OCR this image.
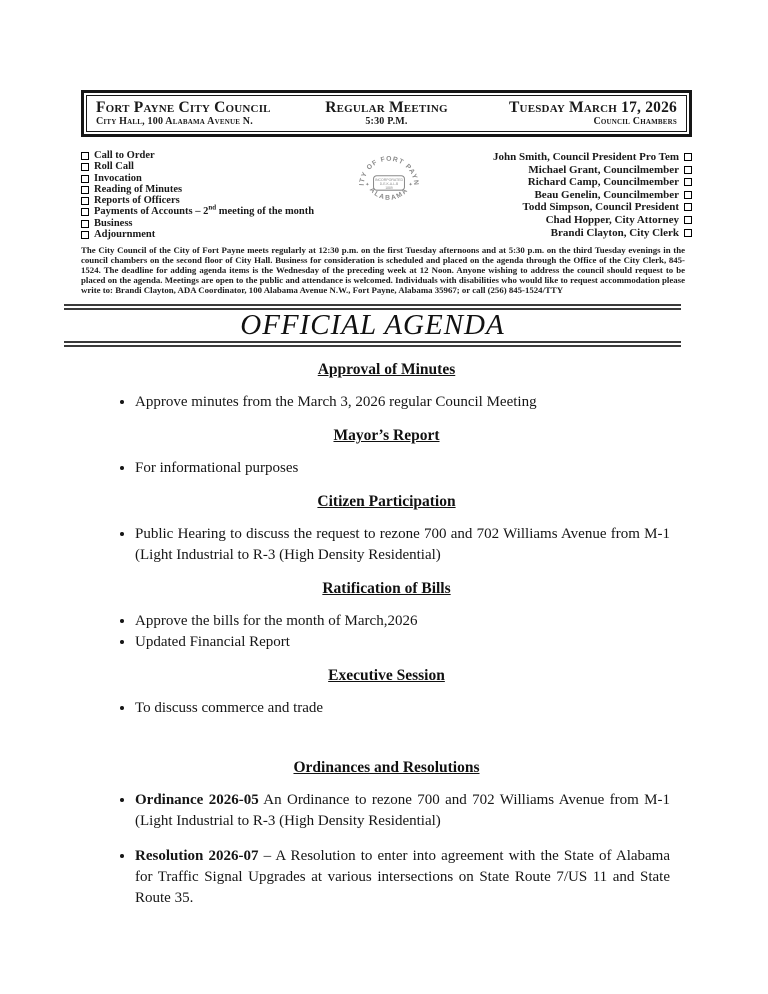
Fort Payne City Council
City Hall, 100 Alabama Avenue N.
Regular Meeting
5:30 P.M.
Tuesday March 17, 2026
Council Chambers
Call to Order
Roll Call
Invocation
Reading of Minutes
Reports of Officers
Payments of Accounts – 2nd meeting of the month
Business
Adjournment
ITY OF FORT PAYN
ALABAMA
INCORPORATED
D-E-K-A-L-B
1889
✦	✦
John Smith, Council President Pro Tem
Michael Grant, Councilmember
Richard Camp, Councilmember
Beau Genelin, Councilmember
Todd Simpson, Council President
Chad Hopper, City Attorney
Brandi Clayton, City Clerk

The City Council of the City of Fort Payne meets regularly at 12:30 p.m. on the first Tuesday afternoons and at 5:30 p.m. on the third Tuesday evenings in the council chambers on the second floor of City Hall. Business for consideration is scheduled and placed on the agenda through the Office of the City Clerk, 845-1524. The deadline for adding agenda items is the Wednesday of the preceding week at 12 Noon. Anyone wishing to address the council should request to be placed on the agenda. Meetings are open to the public and attendance is welcomed. Individuals with disabilities who would like to request accommodation please write to: Brandi Clayton, ADA Coordinator, 100 Alabama Avenue N.W., Fort Payne, Alabama 35967; or call (256) 845-1524/TTY

OFFICIAL AGENDA
Approval of Minutes
• Approve minutes from the March 3, 2026 regular Council Meeting
Mayor’s Report
• For informational purposes
Citizen Participation
• Public Hearing to discuss the request to rezone 700 and 702 Williams Avenue from M-1 (Light Industrial to R-3 (High Density Residential)
Ratification of Bills
• Approve the bills for the month of March,2026
• Updated Financial Report
Executive Session
• To discuss commerce and trade
Ordinances and Resolutions
• Ordinance 2026-05 An Ordinance to rezone 700 and 702 Williams Avenue from M-1 (Light Industrial to R-3 (High Density Residential)
• Resolution 2026-07 – A Resolution to enter into agreement with the State of Alabama for Traffic Signal Upgrades at various intersections on State Route 7/US 11 and State Route 35.
